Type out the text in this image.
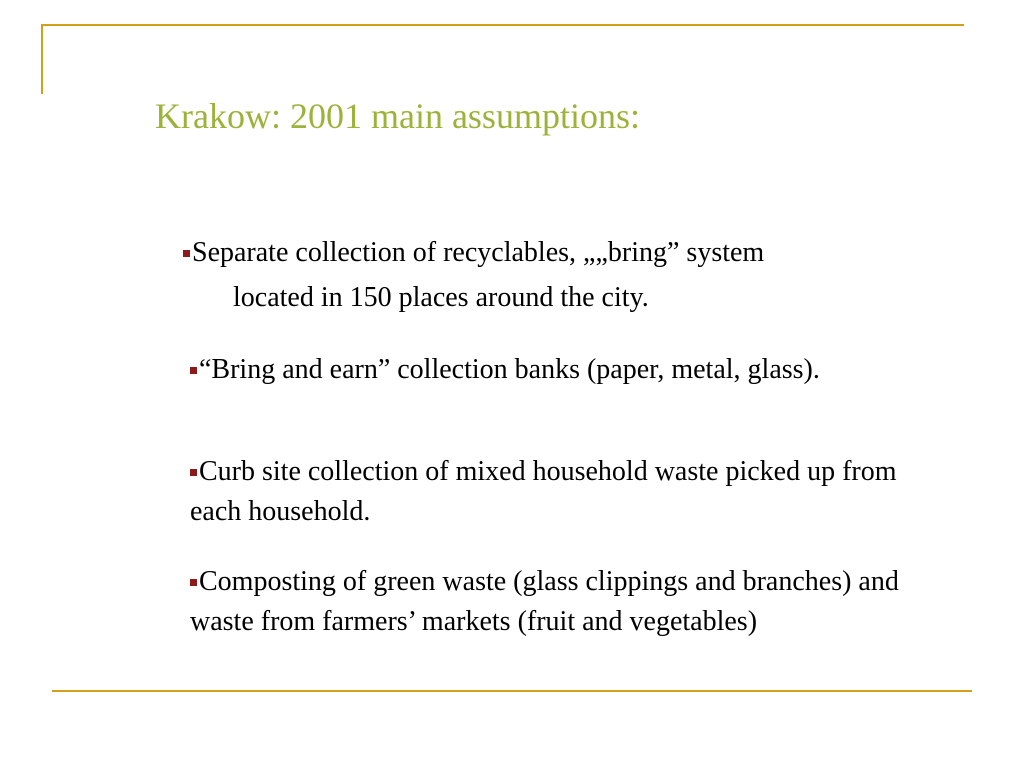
Krakow: 2001 main assumptions:
Separate collection of recyclables, „„bring” system
located in 150 places around the city.
“Bring and earn” collection banks (paper, metal, glass).
Curb site collection of mixed household waste picked up from each household.
Composting of green waste (glass clippings and branches) and waste from farmers’ markets (fruit and vegetables)
